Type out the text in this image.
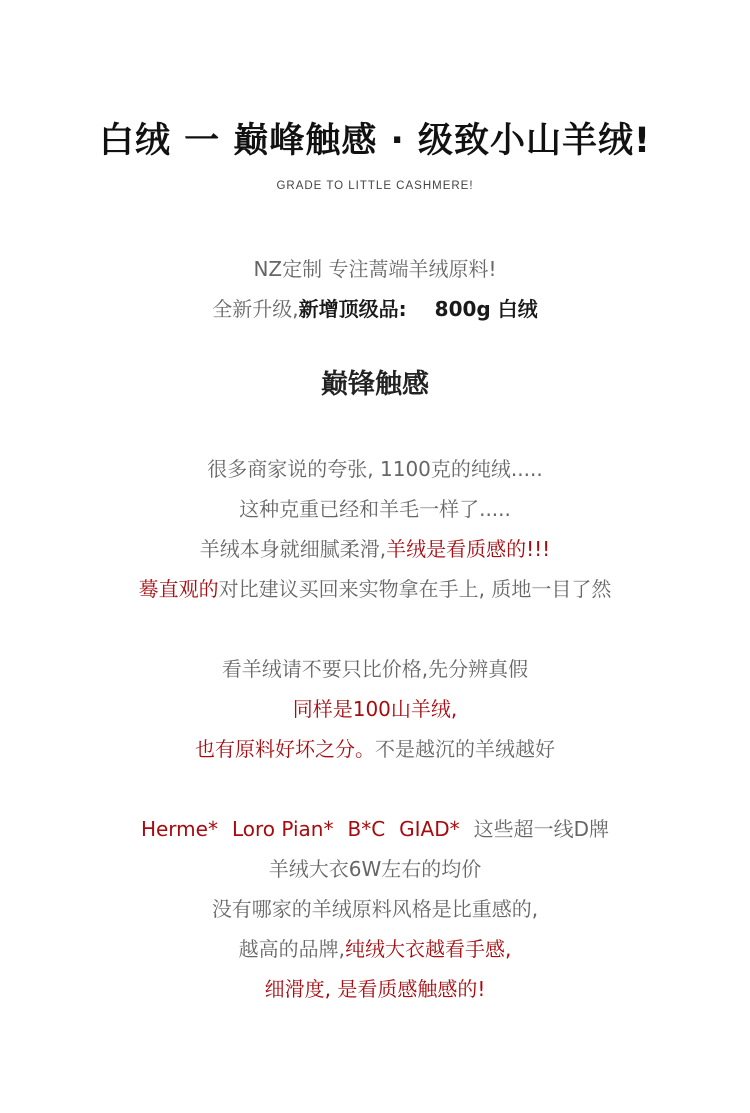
白绒 一 巅峰触感 · 级致小山羊绒!
GRADE TO LITTLE CASHMERE!
NZ定制 专注蒿端羊绒原料!
全新升级,新增顶级品: 800g 白绒
巅锋触感
很多商家说的夸张, 1100克的纯绒.....
这种克重已经和羊毛一样了.....
羊绒本身就细腻柔滑,羊绒是看质感的!!!
蓦直观的对比建议买回来实物拿在手上, 质地一目了然
看羊绒请不要只比价格,先分辨真假
同样是100山羊绒,
也有原料好坏之分。不是越沉的羊绒越好
Herme* Loro Pian* B*C GIAD* 这些超一线D牌
羊绒大衣6W左右的均价
没有哪家的羊绒原料风格是比重感的,
越高的品牌,纯绒大衣越看手感,
细滑度, 是看质感触感的!
